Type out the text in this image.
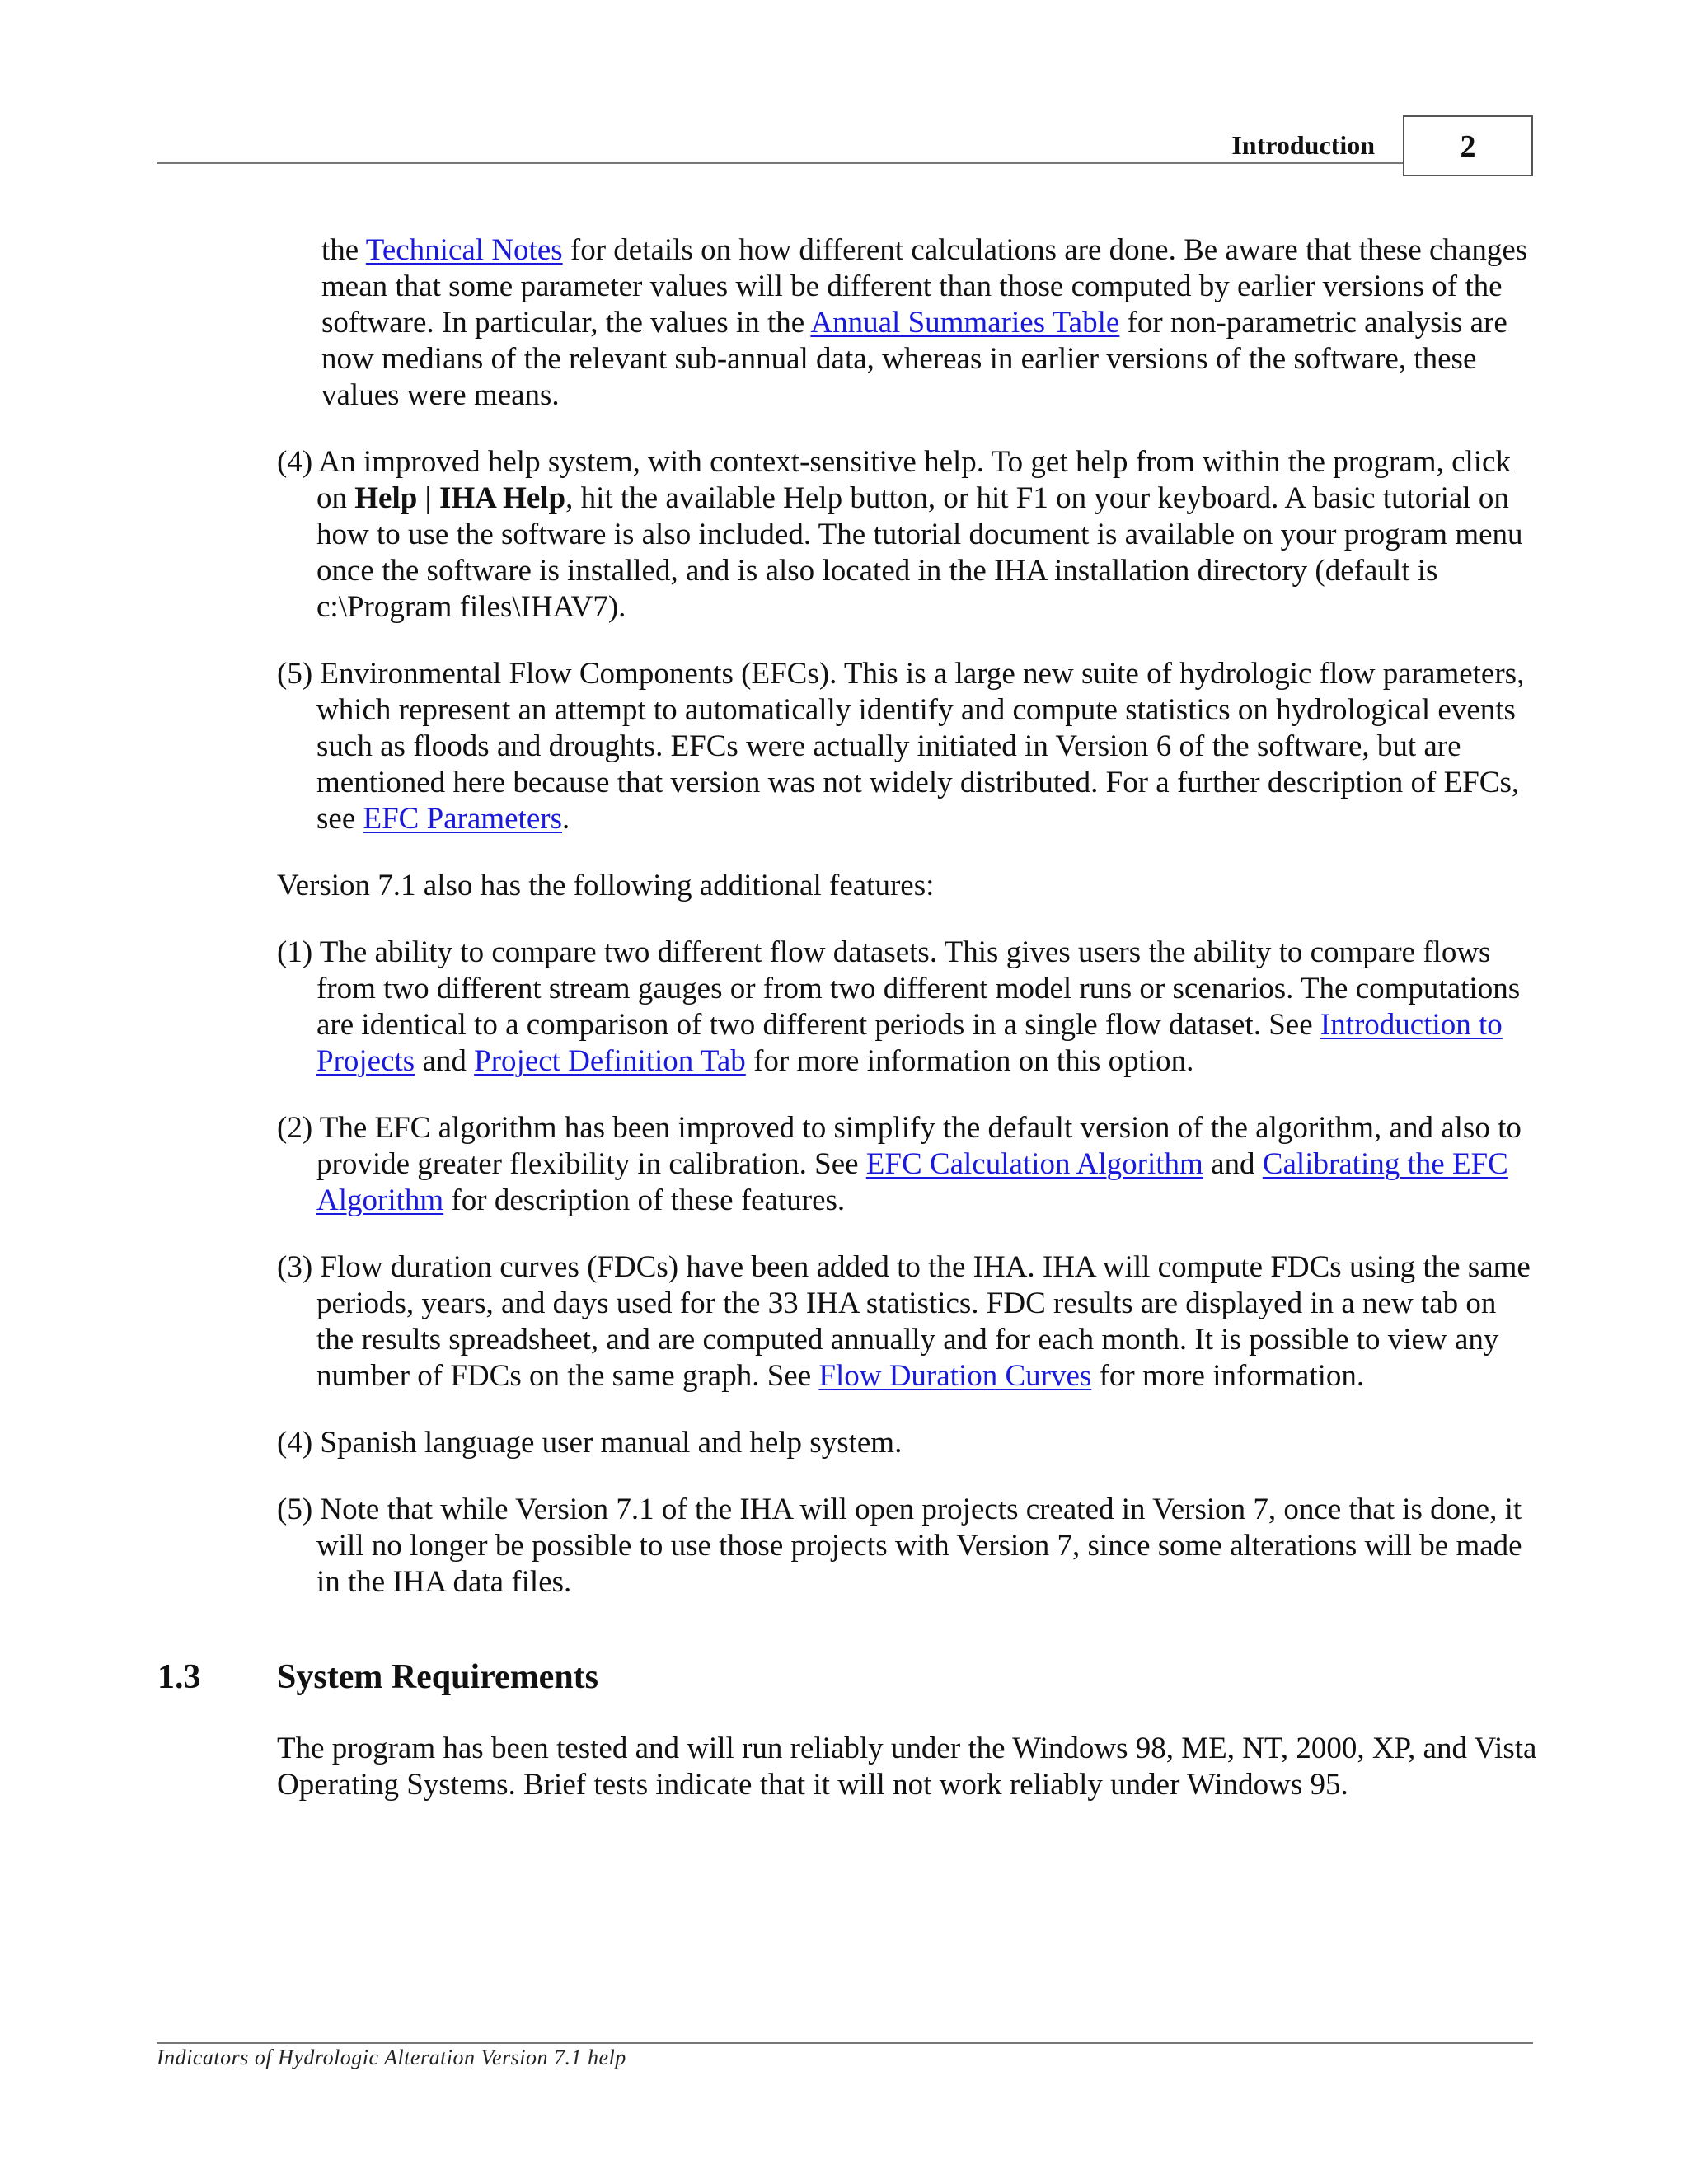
Introduction	2

the Technical Notes for details on how different calculations are done. Be aware that these changes mean that some parameter values will be different than those computed by earlier versions of the software. In particular, the values in the Annual Summaries Table for non-parametric analysis are now medians of the relevant sub-annual data, whereas in earlier versions of the software, these values were means.

(4) An improved help system, with context-sensitive help. To get help from within the program, click on Help | IHA Help, hit the available Help button, or hit F1 on your keyboard. A basic tutorial on how to use the software is also included. The tutorial document is available on your program menu once the software is installed, and is also located in the IHA installation directory (default is c:\Program files\IHAV7).

(5) Environmental Flow Components (EFCs). This is a large new suite of hydrologic flow parameters, which represent an attempt to automatically identify and compute statistics on hydrological events such as floods and droughts. EFCs were actually initiated in Version 6 of the software, but are mentioned here because that version was not widely distributed. For a further description of EFCs, see EFC Parameters.

Version 7.1 also has the following additional features:

(1) The ability to compare two different flow datasets. This gives users the ability to compare flows from two different stream gauges or from two different model runs or scenarios. The computations are identical to a comparison of two different periods in a single flow dataset. See Introduction to Projects and Project Definition Tab for more information on this option.

(2) The EFC algorithm has been improved to simplify the default version of the algorithm, and also to provide greater flexibility in calibration. See EFC Calculation Algorithm and Calibrating the EFC Algorithm for description of these features.

(3) Flow duration curves (FDCs) have been added to the IHA. IHA will compute FDCs using the same periods, years, and days used for the 33 IHA statistics. FDC results are displayed in a new tab on the results spreadsheet, and are computed annually and for each month. It is possible to view any number of FDCs on the same graph. See Flow Duration Curves for more information.

(4) Spanish language user manual and help system.

(5) Note that while Version 7.1 of the IHA will open projects created in Version 7, once that is done, it will no longer be possible to use those projects with Version 7, since some alterations will be made in the IHA data files.

1.3 System Requirements

The program has been tested and will run reliably under the Windows 98, ME, NT, 2000, XP, and Vista Operating Systems. Brief tests indicate that it will not work reliably under Windows 95.

Indicators of Hydrologic Alteration Version 7.1 help
